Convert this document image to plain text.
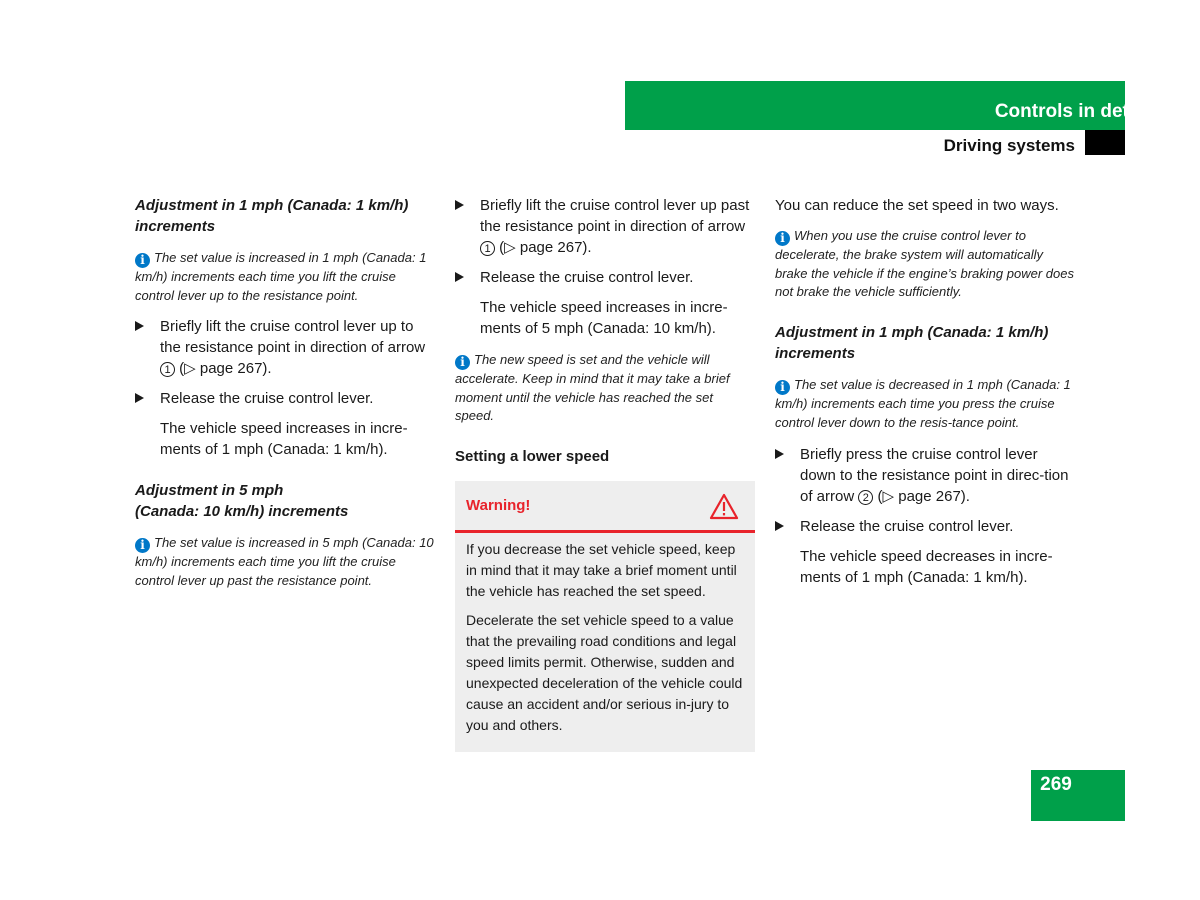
Controls in detail
Driving systems
Adjustment in 1 mph (Canada: 1 km/h) increments
i The set value is increased in 1 mph (Canada: 1 km/h) increments each time you lift the cruise control lever up to the resistance point.
Briefly lift the cruise control lever up to the resistance point in direction of arrow 1 (▷ page 267).
Release the cruise control lever.
The vehicle speed increases in incre-ments of 1 mph (Canada: 1 km/h).
Adjustment in 5 mph
(Canada: 10 km/h) increments
i The set value is increased in 5 mph (Canada: 10 km/h) increments each time you lift the cruise control lever up past the resistance point.
Briefly lift the cruise control lever up past the resistance point in direction of arrow 1 (▷ page 267).
Release the cruise control lever.
The vehicle speed increases in incre-ments of 5 mph (Canada: 10 km/h).
i The new speed is set and the vehicle will accelerate. Keep in mind that it may take a brief moment until the vehicle has reached the set speed.
Setting a lower speed
Warning!
If you decrease the set vehicle speed, keep in mind that it may take a brief moment until the vehicle has reached the set speed.
Decelerate the set vehicle speed to a value that the prevailing road conditions and legal speed limits permit. Otherwise, sudden and unexpected deceleration of the vehicle could cause an accident and/or serious in-jury to you and others.
You can reduce the set speed in two ways.
i When you use the cruise control lever to decelerate, the brake system will automatically brake the vehicle if the engine’s braking power does not brake the vehicle sufficiently.
Adjustment in 1 mph (Canada: 1 km/h) increments
i The set value is decreased in 1 mph (Canada: 1 km/h) increments each time you press the cruise control lever down to the resis-tance point.
Briefly press the cruise control lever down to the resistance point in direc-tion of arrow 2 (▷ page 267).
Release the cruise control lever.
The vehicle speed decreases in incre-ments of 1 mph (Canada: 1 km/h).
269
